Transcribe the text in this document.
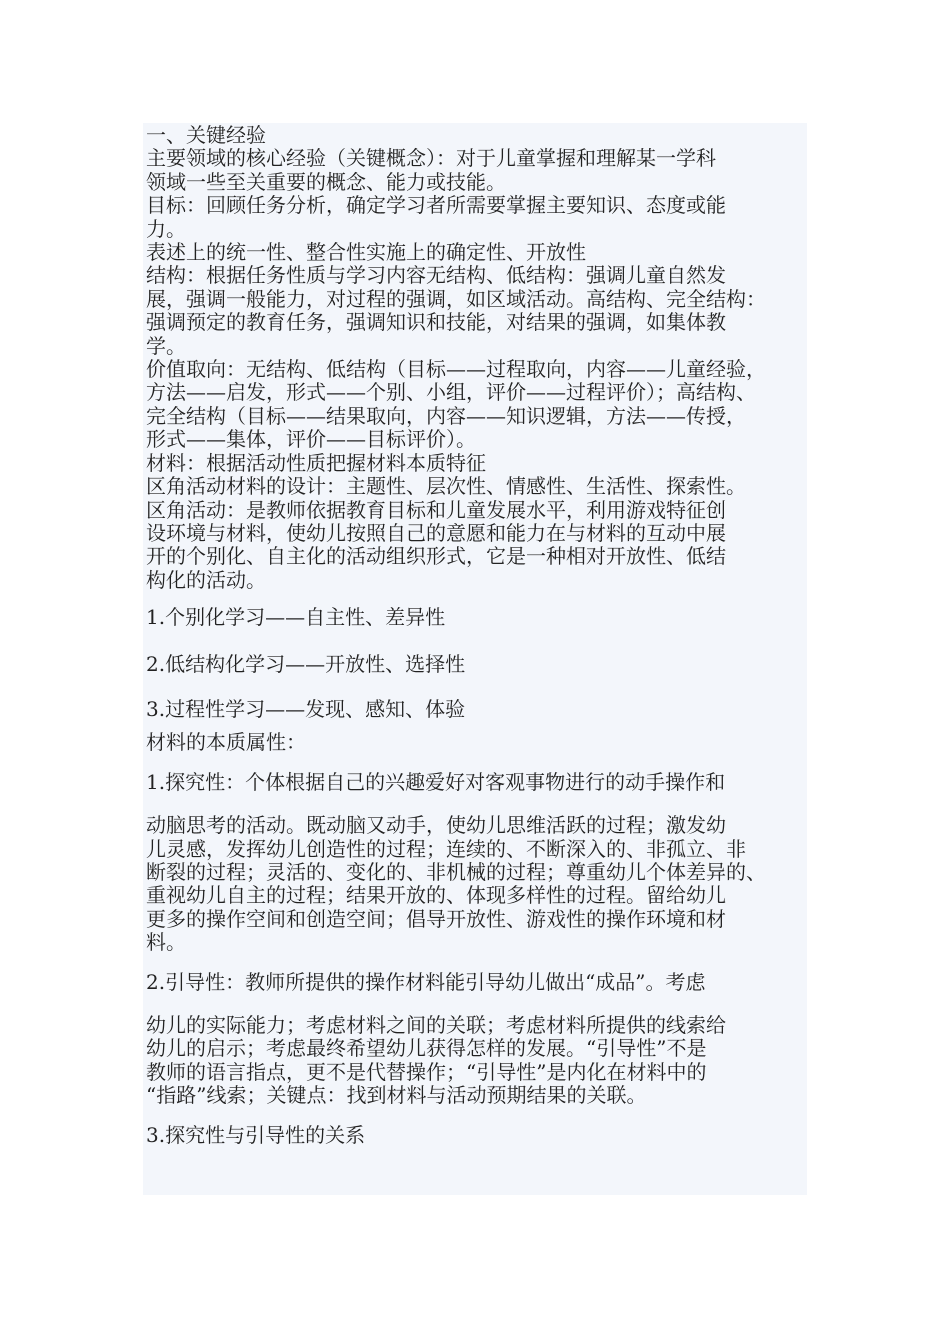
一、关键经验
主要领域的核心经验（关键概念）：对于儿童掌握和理解某一学科
领域一些至关重要的概念、能力或技能。
目标：回顾任务分析，确定学习者所需要掌握主要知识、态度或能
力。
表述上的统一性、整合性实施上的确定性、开放性
结构：根据任务性质与学习内容无结构、低结构：强调儿童自然发
展，强调一般能力，对过程的强调，如区域活动。高结构、完全结构：
强调预定的教育任务，强调知识和技能，对结果的强调，如集体教
学。
价值取向：无结构、低结构（目标——过程取向，内容——儿童经验，
方法——启发，形式——个别、小组，评价——过程评价）；高结构、
完全结构（目标——结果取向，内容——知识逻辑，方法——传授，
形式——集体，评价——目标评价）。
材料：根据活动性质把握材料本质特征
区角活动材料的设计：主题性、层次性、情感性、生活性、探索性。
区角活动：是教师依据教育目标和儿童发展水平，利用游戏特征创
设环境与材料，使幼儿按照自己的意愿和能力在与材料的互动中展
开的个别化、自主化的活动组织形式，它是一种相对开放性、低结
构化的活动。
1.个别化学习——自主性、差异性
2.低结构化学习——开放性、选择性
3.过程性学习——发现、感知、体验
材料的本质属性：
1.探究性：个体根据自己的兴趣爱好对客观事物进行的动手操作和
动脑思考的活动。既动脑又动手，使幼儿思维活跃的过程；激发幼
儿灵感，发挥幼儿创造性的过程；连续的、不断深入的、非孤立、非
断裂的过程；灵活的、变化的、非机械的过程；尊重幼儿个体差异的、
重视幼儿自主的过程；结果开放的、体现多样性的过程。留给幼儿
更多的操作空间和创造空间；倡导开放性、游戏性的操作环境和材
料。
2.引导性：教师所提供的操作材料能引导幼儿做出“成品”。考虑
幼儿的实际能力；考虑材料之间的关联；考虑材料所提供的线索给
幼儿的启示；考虑最终希望幼儿获得怎样的发展。“引导性”不是
教师的语言指点，更不是代替操作；“引导性”是内化在材料中的
“指路”线索；关键点：找到材料与活动预期结果的关联。
3.探究性与引导性的关系
